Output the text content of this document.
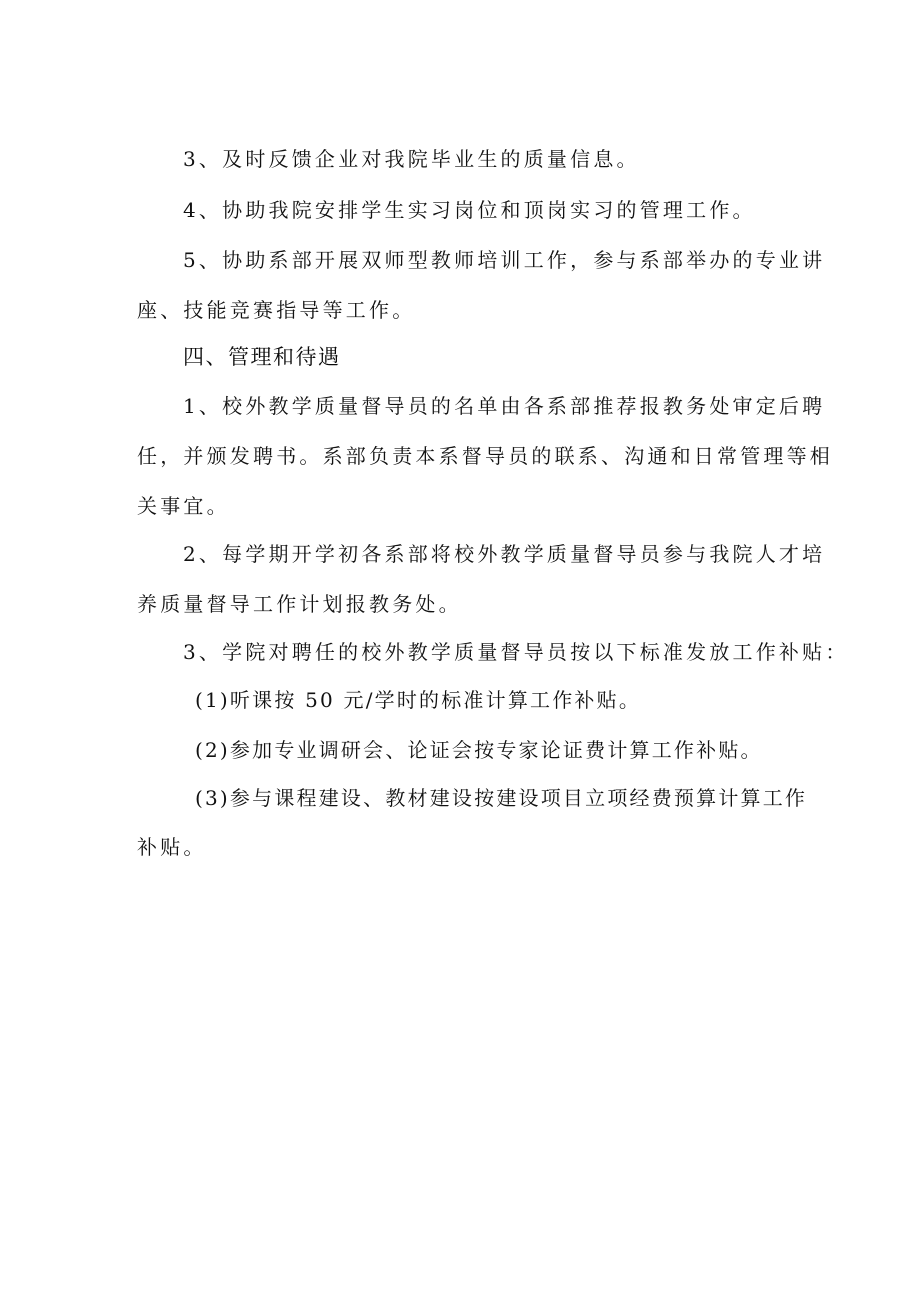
3、及时反馈企业对我院毕业生的质量信息。
4、协助我院安排学生实习岗位和顶岗实习的管理工作。
5、协助系部开展双师型教师培训工作，参与系部举办的专业讲
座、技能竞赛指导等工作。
四、管理和待遇
1、校外教学质量督导员的名单由各系部推荐报教务处审定后聘
任，并颁发聘书。系部负责本系督导员的联系、沟通和日常管理等相
关事宜。
2、每学期开学初各系部将校外教学质量督导员参与我院人才培
养质量督导工作计划报教务处。
3、学院对聘任的校外教学质量督导员按以下标准发放工作补贴：
(1)听课按 50 元/学时的标准计算工作补贴。
(2)参加专业调研会、论证会按专家论证费计算工作补贴。
(3)参与课程建设、教材建设按建设项目立项经费预算计算工作
补贴。
